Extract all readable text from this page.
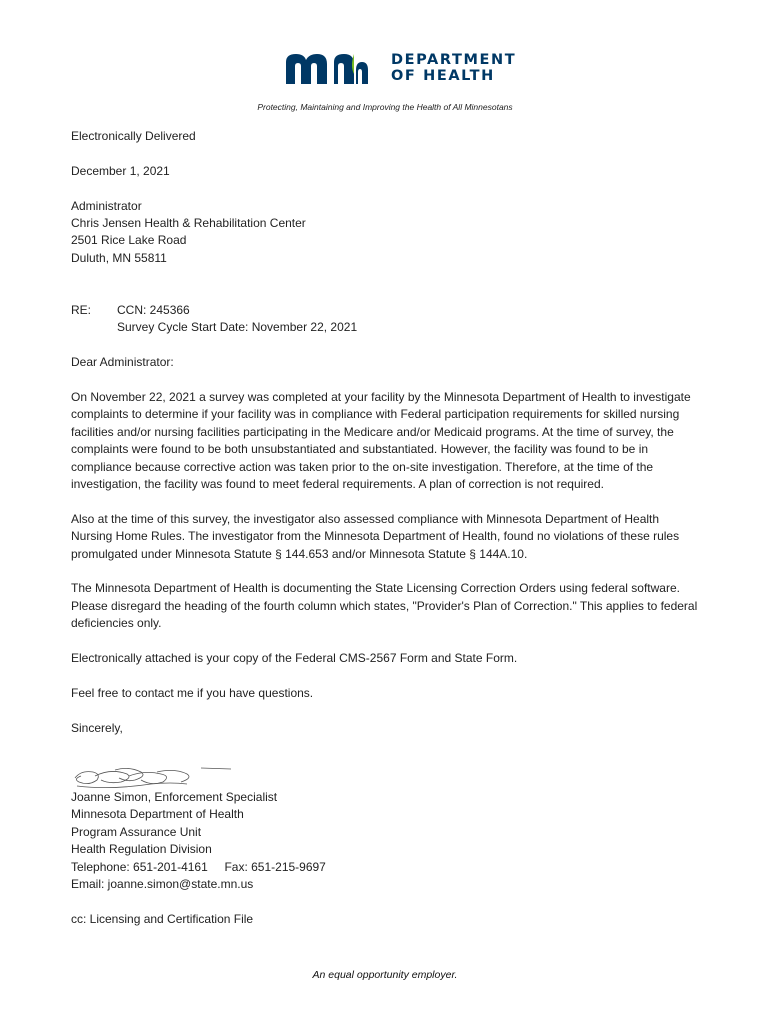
DEPARTMENT
OF HEALTH
Protecting, Maintaining and Improving the Health of All Minnesotans

Electronically Delivered

December 1, 2021

Administrator

Chris Jensen Health & Rehabilitation Center

2501 Rice Lake Road

Duluth, MN 55811

RE:	CCN: 245366
Survey Cycle Start Date: November 22, 2021

Dear Administrator:

On November 22, 2021 a survey was completed at your facility by the Minnesota Department of Health to investigate complaints to determine if your facility was in compliance with Federal participation requirements for skilled nursing facilities and/or nursing facilities participating in the Medicare and/or Medicaid programs. At the time of survey, the complaints were found to be both unsubstantiated and substantiated. However, the facility was found to be in compliance because corrective action was taken prior to the on-site investigation. Therefore, at the time of the investigation, the facility was found to meet federal requirements. A plan of correction is not required.

Also at the time of this survey, the investigator also assessed compliance with Minnesota Department of Health Nursing Home Rules. The investigator from the Minnesota Department of Health, found no violations of these rules promulgated under Minnesota Statute § 144.653 and/or Minnesota Statute § 144A.10.

The Minnesota Department of Health is documenting the State Licensing Correction Orders using federal software. Please disregard the heading of the fourth column which states, "Provider's Plan of Correction." This applies to federal deficiencies only.

Electronically attached is your copy of the Federal CMS-2567 Form and State Form.

Feel free to contact me if you have questions.

Sincerely,

Joanne Simon, Enforcement Specialist

Minnesota Department of Health

Program Assurance Unit

Health Regulation Division

Telephone: 651-201-4161     Fax: 651-215-9697

Email: joanne.simon@state.mn.us

cc: Licensing and Certification File

An equal opportunity employer.
